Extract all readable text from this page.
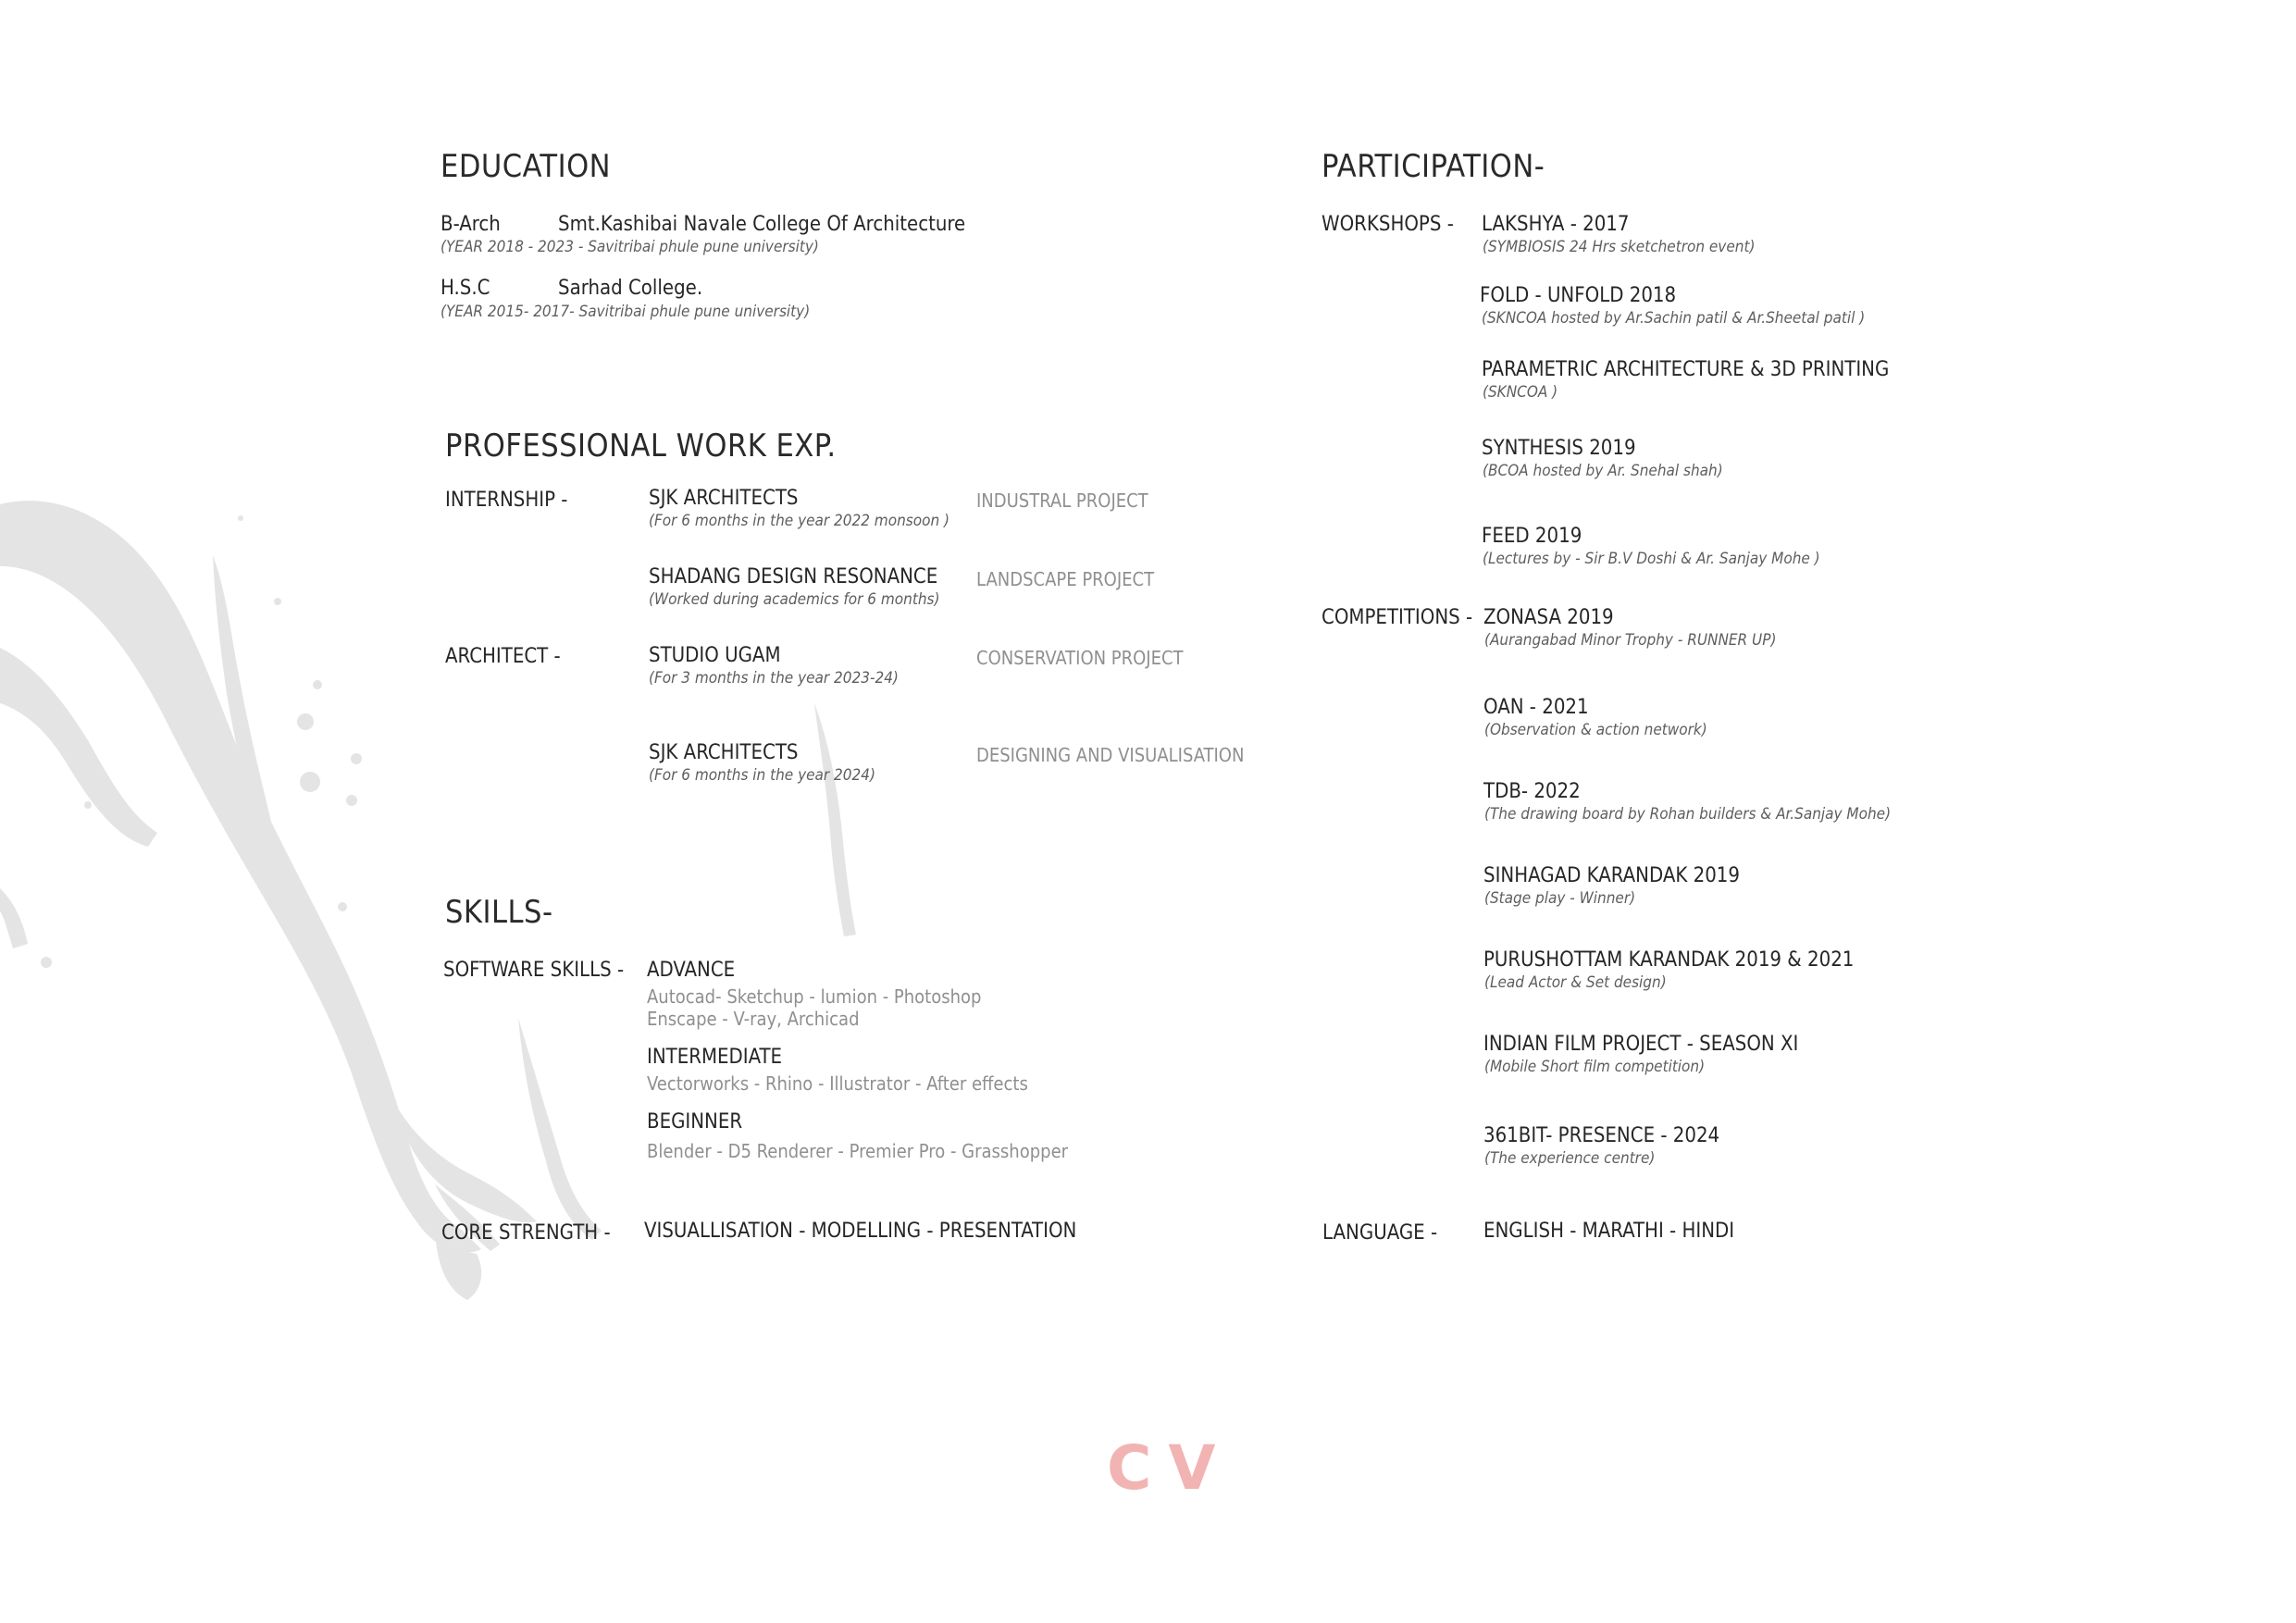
EDUCATION
B-Arch	Smt.Kashibai Navale College Of Architecture
(YEAR 2018 - 2023 - Savitribai phule pune university)
H.S.C	Sarhad College.
(YEAR 2015- 2017- Savitribai phule pune university)
PROFESSIONAL WORK EXP.
INTERNSHIP -	SJK ARCHITECTS
(For 6 months in the year 2022 monsoon )
INDUSTRAL PROJECT
SHADANG DESIGN RESONANCE
(Worked during academics for 6 months)
LANDSCAPE PROJECT
ARCHITECT -	STUDIO UGAM
(For 3 months in the year 2023-24)
CONSERVATION PROJECT
SJK ARCHITECTS
(For 6 months in the year 2024)
DESIGNING AND VISUALISATION
SKILLS-
SOFTWARE SKILLS - ADVANCE
Autocad- Sketchup - lumion - Photoshop
Enscape - V-ray, Archicad
INTERMEDIATE
Vectorworks - Rhino - Illustrator - After effects
BEGINNER
Blender - D5 Renderer - Premier Pro - Grasshopper
CORE STRENGTH - VISUALLISATION - MODELLING - PRESENTATION
PARTICIPATION-
WORKSHOPS - LAKSHYA - 2017
(SYMBIOSIS 24 Hrs sketchetron event)
FOLD - UNFOLD 2018
(SKNCOA hosted by Ar.Sachin patil & Ar.Sheetal patil )
PARAMETRIC ARCHITECTURE & 3D PRINTING
(SKNCOA )
SYNTHESIS 2019
(BCOA hosted by Ar. Snehal shah)
FEED 2019
(Lectures by - Sir B.V Doshi & Ar. Sanjay Mohe )
COMPETITIONS - ZONASA 2019
(Aurangabad Minor Trophy - RUNNER UP)
OAN - 2021
(Observation & action network)
TDB- 2022
(The drawing board by Rohan builders & Ar.Sanjay Mohe)
SINHAGAD KARANDAK 2019
(Stage play - Winner)
PURUSHOTTAM KARANDAK 2019 & 2021
(Lead Actor & Set design)
INDIAN FILM PROJECT - SEASON XI
(Mobile Short film competition)
361BIT- PRESENCE - 2024
(The experience centre)
LANGUAGE - ENGLISH - MARATHI - HINDI
CV
